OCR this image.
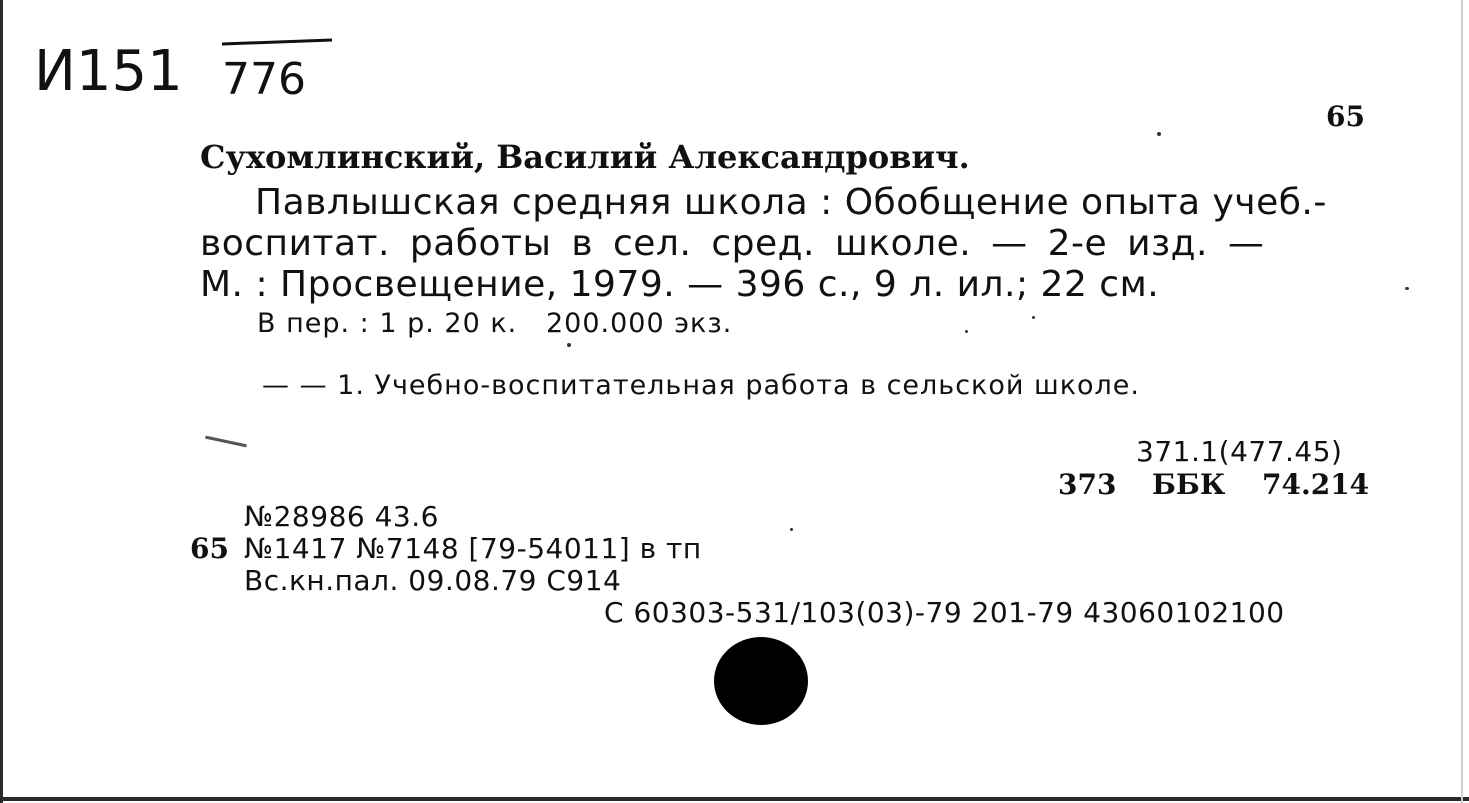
И151 776
65
Сухомлинский, Василий Александрович.
Павлышская средняя школа : Обобщение опыта учеб.-
воспитат. работы в сел. сред. школе. — 2-е изд. —
М. : Просвещение, 1979. — 396 с., 9 л. ил.; 22 см.
В пер. : 1 р. 20 к.   200.000 экз.
— — 1. Учебно-воспитательная работа в сельской школе.
371.1(477.45)
373 ББК 74.214
№28986 43.6
65 №1417 №7148 [79-54011] в тп
Вс.кн.пал. 09.08.79 С914
С 60303-531/103(03)-79 201-79 43060102100
